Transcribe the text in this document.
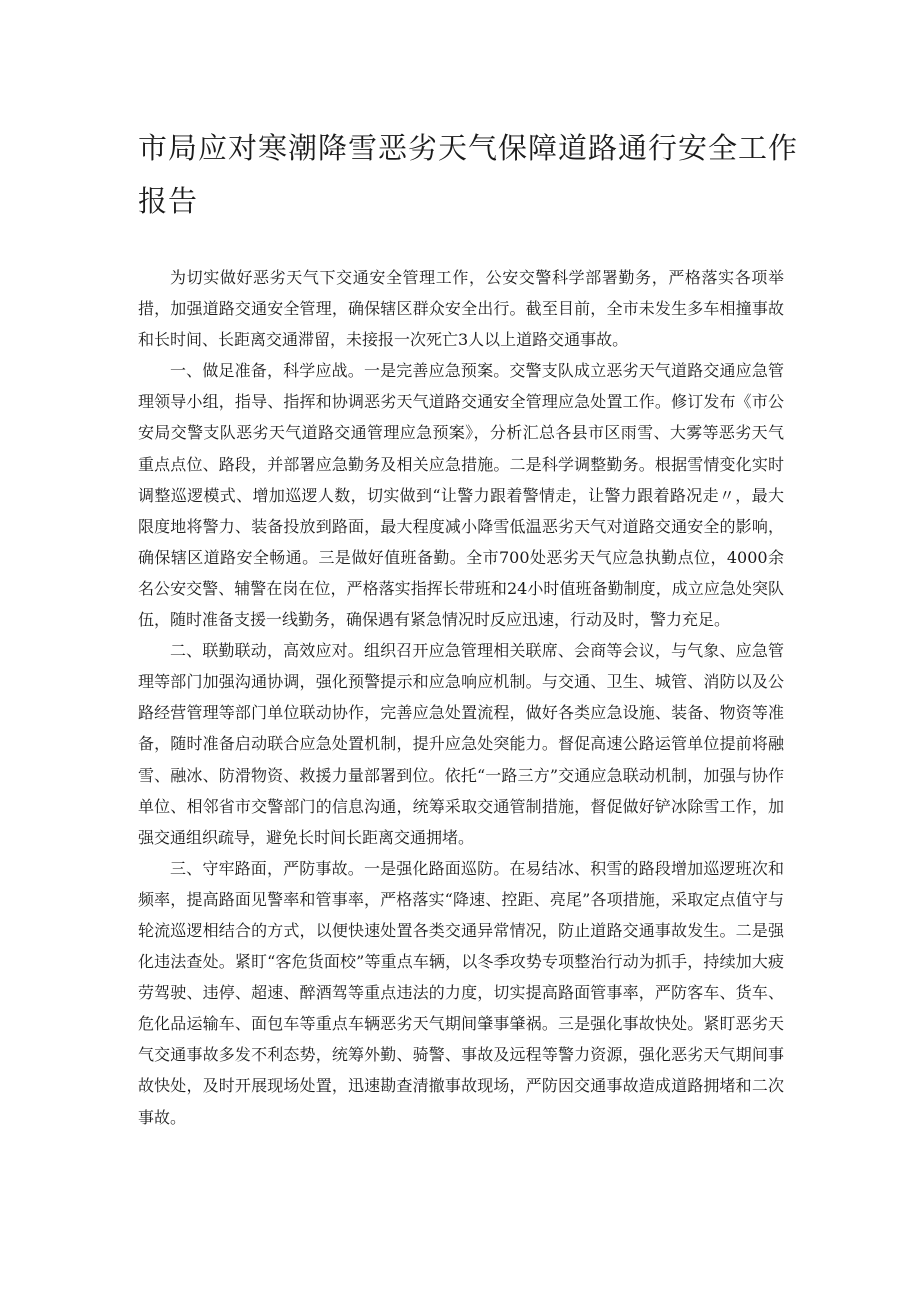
市局应对寒潮降雪恶劣天气保障道路通行安全工作报告

为切实做好恶劣天气下交通安全管理工作，公安交警科学部署勤务，严格落实各项举措，加强道路交通安全管理，确保辖区群众安全出行。截至目前，全市未发生多车相撞事故和长时间、长距离交通滞留，未接报一次死亡3人以上道路交通事故。

一、做足准备，科学应战。一是完善应急预案。交警支队成立恶劣天气道路交通应急管理领导小组，指导、指挥和协调恶劣天气道路交通安全管理应急处置工作。修订发布《市公安局交警支队恶劣天气道路交通管理应急预案》，分析汇总各县市区雨雪、大雾等恶劣天气重点点位、路段，并部署应急勤务及相关应急措施。二是科学调整勤务。根据雪情变化实时调整巡逻模式、增加巡逻人数，切实做到“让警力跟着警情走，让警力跟着路况走〃，最大限度地将警力、装备投放到路面，最大程度减小降雪低温恶劣天气对道路交通安全的影响，确保辖区道路安全畅通。三是做好值班备勤。全市700处恶劣天气应急执勤点位，4000余名公安交警、辅警在岗在位，严格落实指挥长带班和24小时值班备勤制度，成立应急处突队伍，随时准备支援一线勤务，确保遇有紧急情况时反应迅速，行动及时，警力充足。

二、联勤联动，高效应对。组织召开应急管理相关联席、会商等会议，与气象、应急管理等部门加强沟通协调，强化预警提示和应急响应机制。与交通、卫生、城管、消防以及公路经营管理等部门单位联动协作，完善应急处置流程，做好各类应急设施、装备、物资等准备，随时准备启动联合应急处置机制，提升应急处突能力。督促高速公路运管单位提前将融雪、融冰、防滑物资、救援力量部署到位。依托“一路三方”交通应急联动机制，加强与协作单位、相邻省市交警部门的信息沟通，统筹采取交通管制措施，督促做好铲冰除雪工作，加强交通组织疏导，避免长时间长距离交通拥堵。

三、守牢路面，严防事故。一是强化路面巡防。在易结冰、积雪的路段增加巡逻班次和频率，提高路面见警率和管事率，严格落实“降速、控距、亮尾”各项措施，采取定点值守与轮流巡逻相结合的方式，以便快速处置各类交通异常情况，防止道路交通事故发生。二是强化违法查处。紧盯“客危货面校”等重点车辆，以冬季攻势专项整治行动为抓手，持续加大疲劳驾驶、违停、超速、醉酒驾等重点违法的力度，切实提高路面管事率，严防客车、货车、危化品运输车、面包车等重点车辆恶劣天气期间肇事肇祸。三是强化事故快处。紧盯恶劣天气交通事故多发不利态势，统筹外勤、骑警、事故及远程等警力资源，强化恶劣天气期间事故快处，及时开展现场处置，迅速勘查清撤事故现场，严防因交通事故造成道路拥堵和二次事故。
